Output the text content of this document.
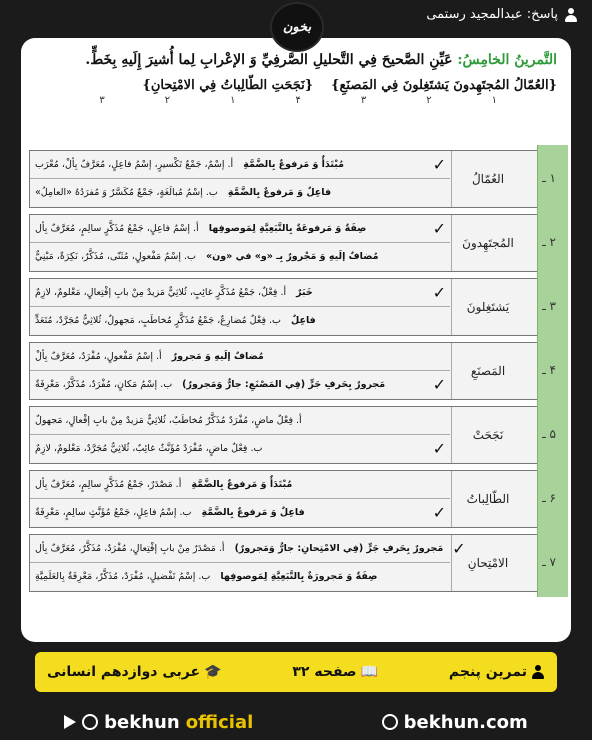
پاسخ: عبدالمجید رستمی
بخون
التَّمرينُ الخامِسُ: عَيِّنِ الصَّحيحَ فِي التَّحليلِ الصَّرفِيِّ وَ الإعْرابِ لِما أُشيرَ إِلَيهِ بِخَطٍّ.
{العُمّالُ المُجتَهِدونَ يَشتَغِلونَ فِي المَصنَعِ}
{نَجَحَتِ الطّالِباتُ فِي الامْتِحانِ}
۱
۲
۳
۴
۱
۲
۳
۱ ـ
العُمّالُ
أ. إسْمٌ، جَمْعٌ تَكْسيرٍ، إسْمُ فاعِلٍ، مُعَرَّفٌ بِألْ، مُعْرَب	مُبْتَدَأٌ وَ مَرفوعٌ بِالضَّمَّةِ	✓
ب. إسْمُ مُبالَغَةٍ، جَمْعٌ مُكَسَّرٌ وَ مُفرَدُهُ «العامِلُ»	فاعِلٌ وَ مَرفوعٌ بِالضَّمَّةِ
۲ ـ
المُجتَهِدونَ
أ. إسْمُ فاعِلٍ، جَمْعُ مُذَكَّرٍ سالِمٍ، مُعَرَّفٌ بِأل	صِفَةٌ وَ مَرفوعَةٌ بِالتَّبَعِيَّةِ لِمَوصوفِها	✓
ب. إسْمُ مَفْعولٍ، مُثَنّى، مُذَكَّرٌ، نَكِرَةٌ، مَبْنِيٌّ	مُضافٌ إلَيهِ وَ مَجْرورٌ بِـ «و» في «ون»
۳ ـ
يَشتَغِلونَ
أ. فِعْلٌ، جَمْعُ مُذَكَّرٍ غائِبٍ، ثُلاثِيٌّ مَزيدٌ مِنْ بابِ إفْتِعالٍ، مَعْلومٌ، لازِمٌ	خَبَرٌ	✓
ب. فِعْلٌ مُضارِعٌ، جَمْعُ مُذَكَّرٍ مُخاطَبٍ، مَجهولٌ، ثُلاثِيٌّ مُجَرَّدٌ، مُتَعَدٍّ	فاعِلٌ
۴ ـ
المَصنَعِ
أ. إسْمُ مَفْعولٍ، مُفْرَدٌ، مُعَرَّفٌ بِألْ	مُضافٌ إلَيهِ وَ مَجرورٌ
ب. إسْمُ مَكانٍ، مُفْرَدٌ، مُذَكَّرٌ، مَعْرِفَةٌ	مَجرورٌ بِحَرفِ جَرٍّ (فِي المَصْنَعِ: جارٌّ وَمَجرورٌ)	✓
۵ ـ
نَجَحَتْ
أ. فِعْلٌ ماضٍ، مُفْرَدٌ مُذَكَّرٌ مُخاطَبٌ، ثُلاثِيٌّ مَزيدٌ مِنْ بابِ إفْعالٍ، مَجهولٌ
ب. فِعْلٌ ماضٍ، مُفْرَدٌ مُؤَنَّثٌ غائِبٌ، ثُلاثِيٌّ مُجَرَّدٌ، مَعْلومٌ، لازِمٌ	✓
۶ ـ
الطّالِباتُ
أ. مَصْدَرٌ، جَمْعُ مُذَكَّرٍ سالِمٍ، مُعَرَّفٌ بِأل	مُبْتَدَأٌ وَ مَرفوعٌ بِالضَّمَّةِ
ب. إسْمُ فاعِلٍ، جَمْعُ مُؤَنَّثٍ سالِمٍ، مَعْرِفَةٌ	فاعِلٌ وَ مَرفوعٌ بِالضَّمَّةِ	✓
۷ ـ
الامْتِحانِ
أ. مَصْدَرٌ مِنْ بابِ إفْتِعالٍ، مُفْرَدٌ، مُذَكَّرٌ، مُعَرَّفٌ بِأل	مَجرورٌ بِحَرفِ جَرٍّ (فِي الامْتِحانِ: جارٌّ وَمَجرورٌ) ✓
ب. إسْمُ تَفْضيلٍ، مُفْرَدٌ، مُذَكَّرٌ، مَعْرِفَةٌ بِالعَلَمِيَّةِ	صِفَةٌ وَ مَجرورَةٌ بِالتَّبَعِيَّةِ لِمَوصوفِها
تمرین پنجم
📖
صفحه ۳۲
🎓
عربی دوازدهم انسانی
bekhun official	bekhun.com
